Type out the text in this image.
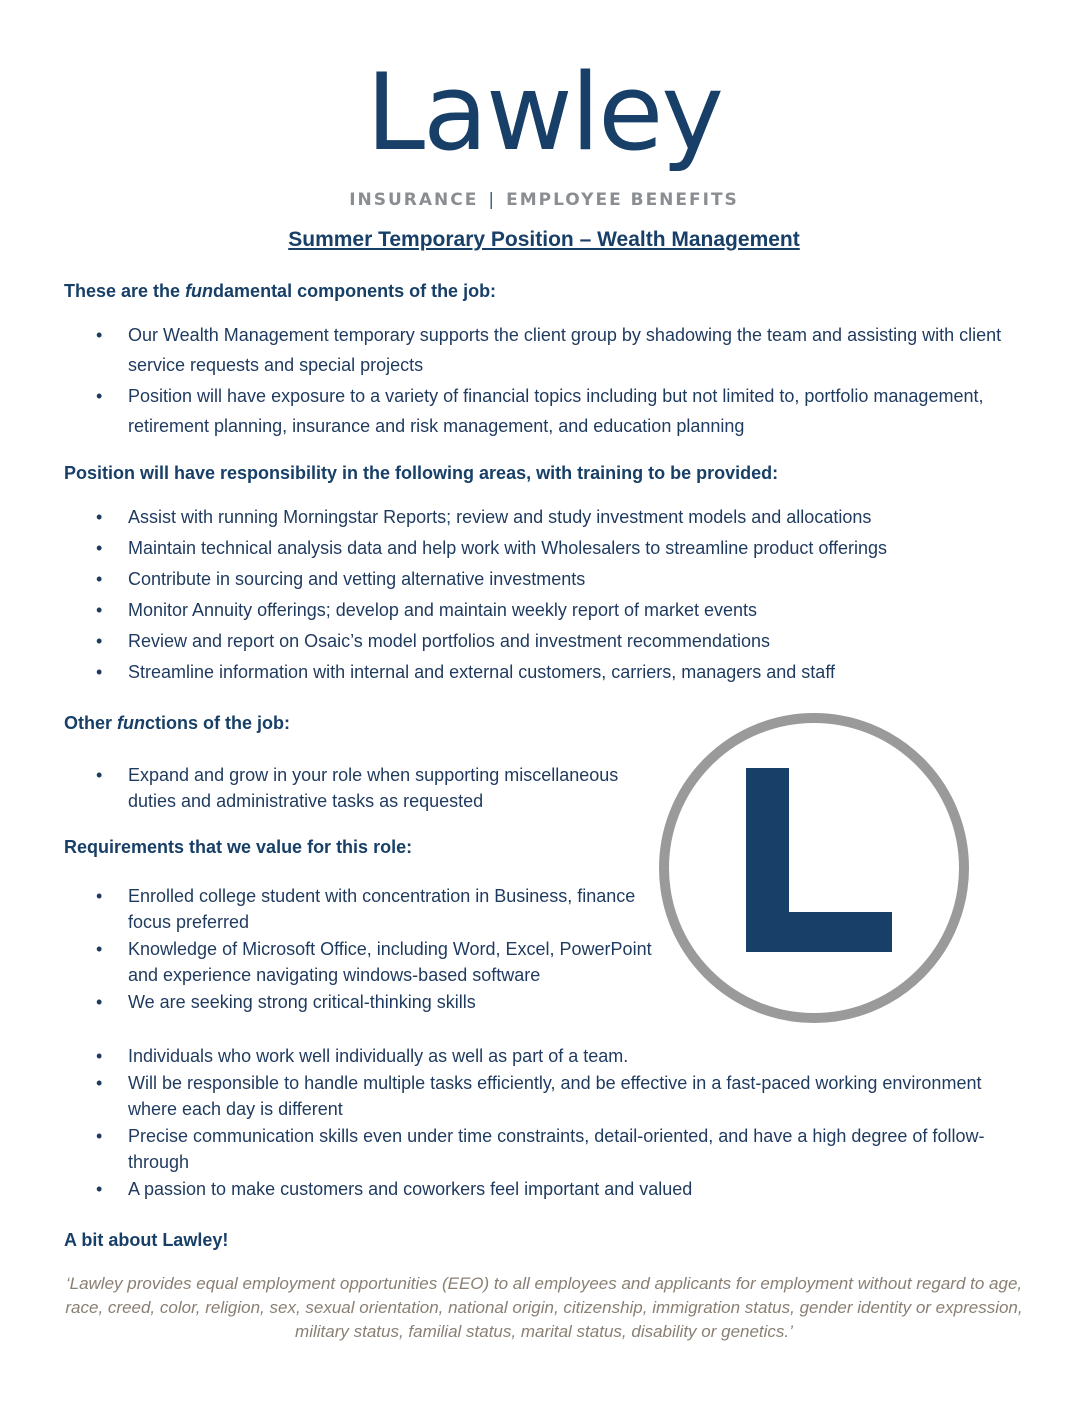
Lawley
INSURANCE | EMPLOYEE BENEFITS
Summer Temporary Position – Wealth Management
These are the fundamental components of the job:
• Our Wealth Management temporary supports the client group by shadowing the team and assisting with client service requests and special projects
• Position will have exposure to a variety of financial topics including but not limited to, portfolio management, retirement planning, insurance and risk management, and education planning
Position will have responsibility in the following areas, with training to be provided:
• Assist with running Morningstar Reports; review and study investment models and allocations
• Maintain technical analysis data and help work with Wholesalers to streamline product offerings
• Contribute in sourcing and vetting alternative investments
• Monitor Annuity offerings; develop and maintain weekly report of market events
• Review and report on Osaic’s model portfolios and investment recommendations
• Streamline information with internal and external customers, carriers, managers and staff
Other functions of the job:
• Expand and grow in your role when supporting miscellaneous duties and administrative tasks as requested
Requirements that we value for this role:
• Enrolled college student with concentration in Business, finance focus preferred
• Knowledge of Microsoft Office, including Word, Excel, PowerPoint and experience navigating windows-based software
• We are seeking strong critical-thinking skills
• Individuals who work well individually as well as part of a team.
• Will be responsible to handle multiple tasks efficiently, and be effective in a fast-paced working environment where each day is different
• Precise communication skills even under time constraints, detail-oriented, and have a high degree of follow-through
• A passion to make customers and coworkers feel important and valued
A bit about Lawley!
‘Lawley provides equal employment opportunities (EEO) to all employees and applicants for employment without regard to age, race, creed, color, religion, sex, sexual orientation, national origin, citizenship, immigration status, gender identity or expression, military status, familial status, marital status, disability or genetics.’
